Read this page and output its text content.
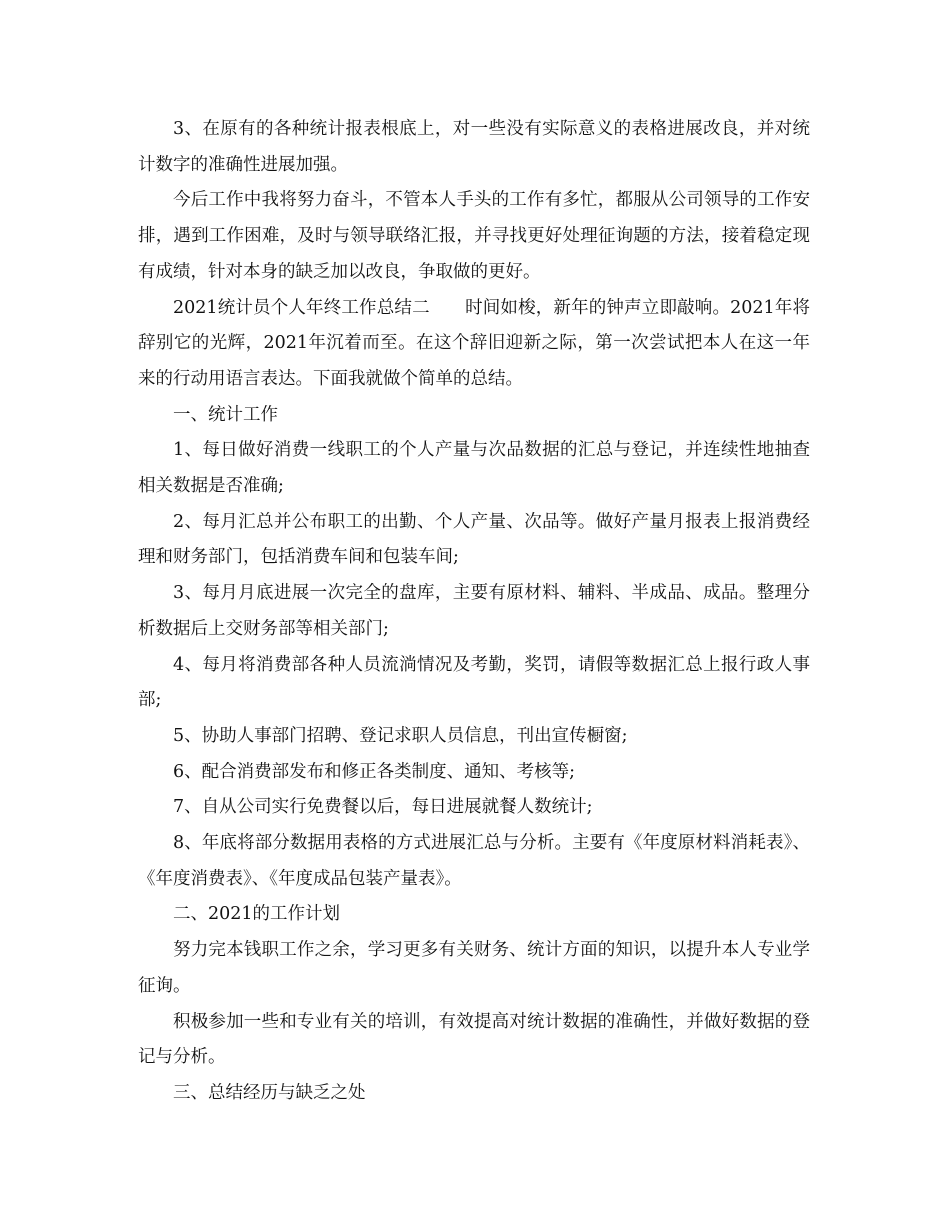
3、在原有的各种统计报表根底上，对一些没有实际意义的表格进展改良，并对统计数字的准确性进展加强。

今后工作中我将努力奋斗，不管本人手头的工作有多忙，都服从公司领导的工作安排，遇到工作困难，及时与领导联络汇报，并寻找更好处理征询题的方法，接着稳定现有成绩，针对本身的缺乏加以改良，争取做的更好。

2021统计员个人年终工作总结二　　时间如梭，新年的钟声立即敲响。2021年将辞别它的光辉，2021年沉着而至。在这个辞旧迎新之际，第一次尝试把本人在这一年来的行动用语言表达。下面我就做个简单的总结。

一、统计工作

1、每日做好消费一线职工的个人产量与次品数据的汇总与登记，并连续性地抽查相关数据是否准确;

2、每月汇总并公布职工的出勤、个人产量、次品等。做好产量月报表上报消费经理和财务部门，包括消费车间和包装车间;

3、每月月底进展一次完全的盘库，主要有原材料、辅料、半成品、成品。整理分析数据后上交财务部等相关部门;

4、每月将消费部各种人员流淌情况及考勤，奖罚，请假等数据汇总上报行政人事部;

5、协助人事部门招聘、登记求职人员信息，刊出宣传橱窗;

6、配合消费部发布和修正各类制度、通知、考核等;

7、自从公司实行免费餐以后，每日进展就餐人数统计;

8、年底将部分数据用表格的方式进展汇总与分析。主要有《年度原材料消耗表》、《年度消费表》、《年度成品包装产量表》。

二、2021的工作计划

努力完本钱职工作之余，学习更多有关财务、统计方面的知识，以提升本人专业学征询。

积极参加一些和专业有关的培训，有效提高对统计数据的准确性，并做好数据的登记与分析。

三、总结经历与缺乏之处
